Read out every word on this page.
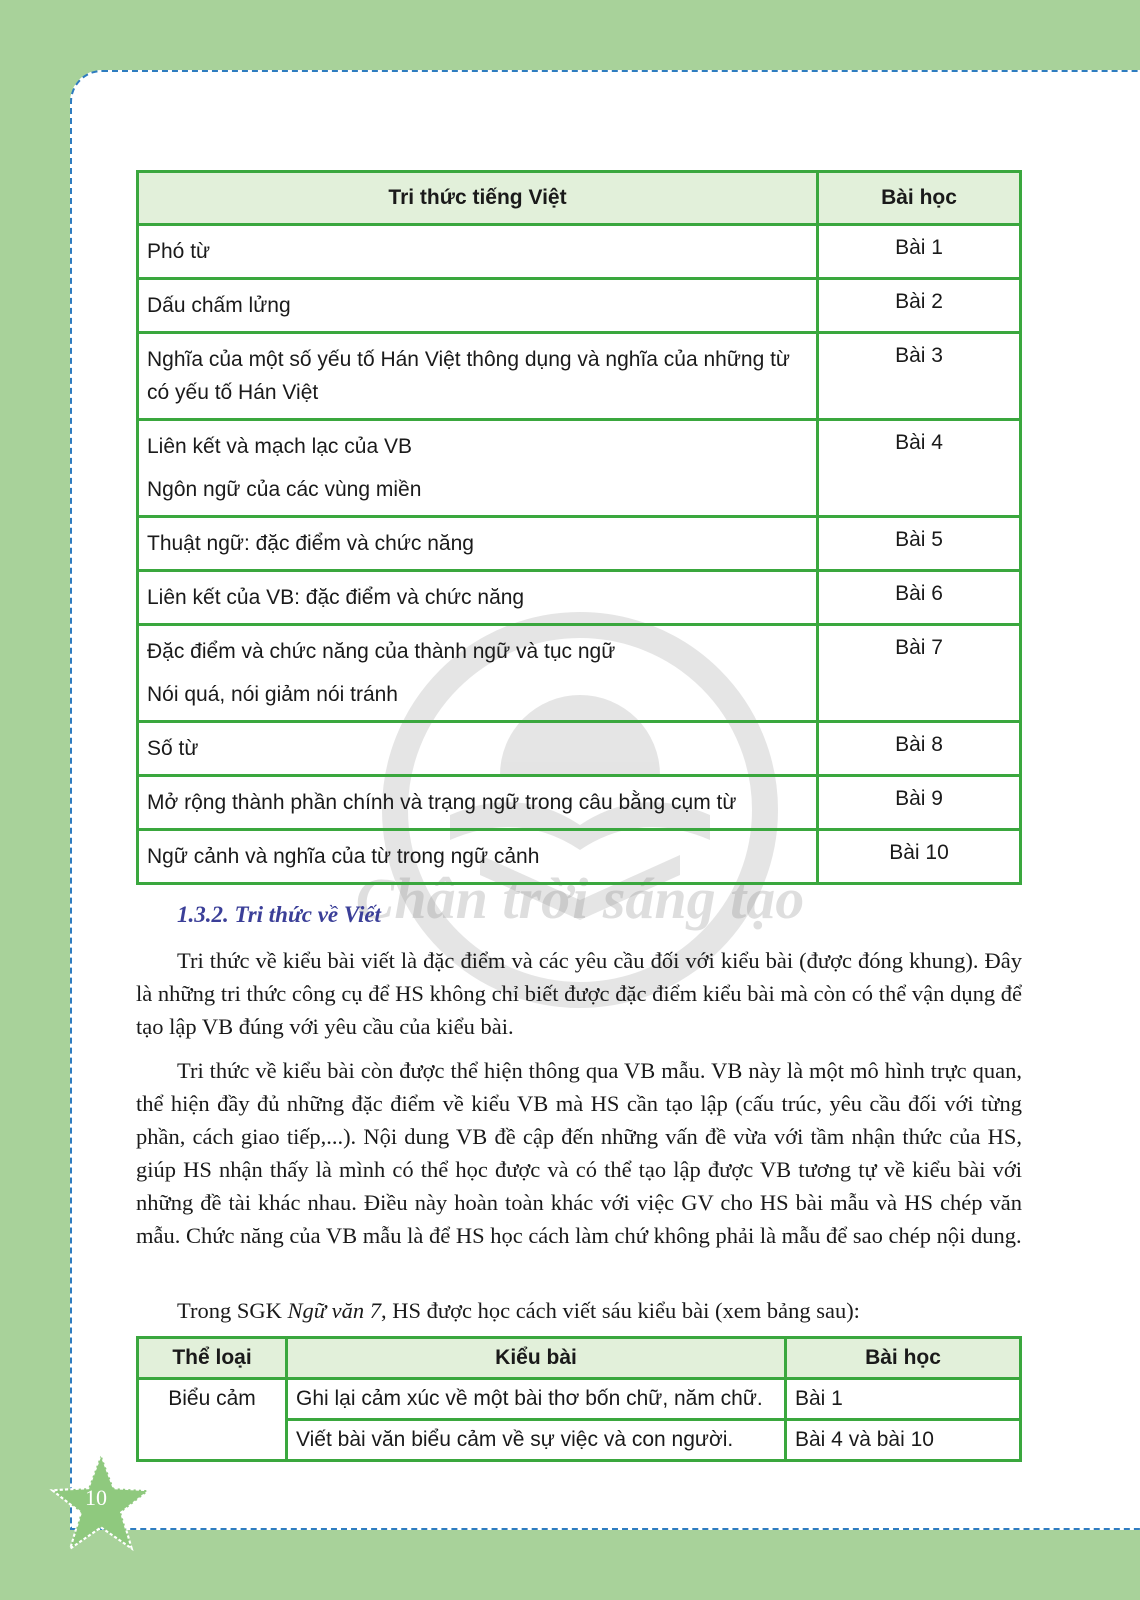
Chân trời sáng tạo
Tri thức tiếng Việt	Bài học

Phó từ	Bài 1

Dấu chấm lửng	Bài 2

Nghĩa của một số yếu tố Hán Việt thông dụng và nghĩa của những từ có yếu tố Hán Việt	Bài 3

Liên kết và mạch lạc của VB
Ngôn ngữ của các vùng miền	Bài 4

Thuật ngữ: đặc điểm và chức năng	Bài 5

Liên kết của VB: đặc điểm và chức năng	Bài 6

Đặc điểm và chức năng của thành ngữ và tục ngữ
Nói quá, nói giảm nói tránh	Bài 7

Số từ	Bài 8

Mở rộng thành phần chính và trạng ngữ trong câu bằng cụm từ	Bài 9

Ngữ cảnh và nghĩa của từ trong ngữ cảnh	Bài 10
1.3.2. Tri thức về Viết

Tri thức về kiểu bài viết là đặc điểm và các yêu cầu đối với kiểu bài (được đóng khung). Đây là những tri thức công cụ để HS không chỉ biết được đặc điểm kiểu bài mà còn có thể vận dụng để tạo lập VB đúng với yêu cầu của kiểu bài.

Tri thức về kiểu bài còn được thể hiện thông qua VB mẫu. VB này là một mô hình trực quan, thể hiện đầy đủ những đặc điểm về kiểu VB mà HS cần tạo lập (cấu trúc, yêu cầu đối với từng phần, cách giao tiếp,...). Nội dung VB đề cập đến những vấn đề vừa với tầm nhận thức của HS, giúp HS nhận thấy là mình có thể học được và có thể tạo lập được VB tương tự về kiểu bài với những đề tài khác nhau. Điều này hoàn toàn khác với việc GV cho HS bài mẫu và HS chép văn mẫu. Chức năng của VB mẫu là để HS học cách làm chứ không phải là mẫu để sao chép nội dung.

Trong SGK Ngữ văn 7, HS được học cách viết sáu kiểu bài (xem bảng sau):

Thể loại	Kiểu bài	Bài học
Biểu cảm	Ghi lại cảm xúc về một bài thơ bốn chữ, năm chữ.	Bài 1
	Viết bài văn biểu cảm về sự việc và con người.	Bài 4 và bài 10
10
